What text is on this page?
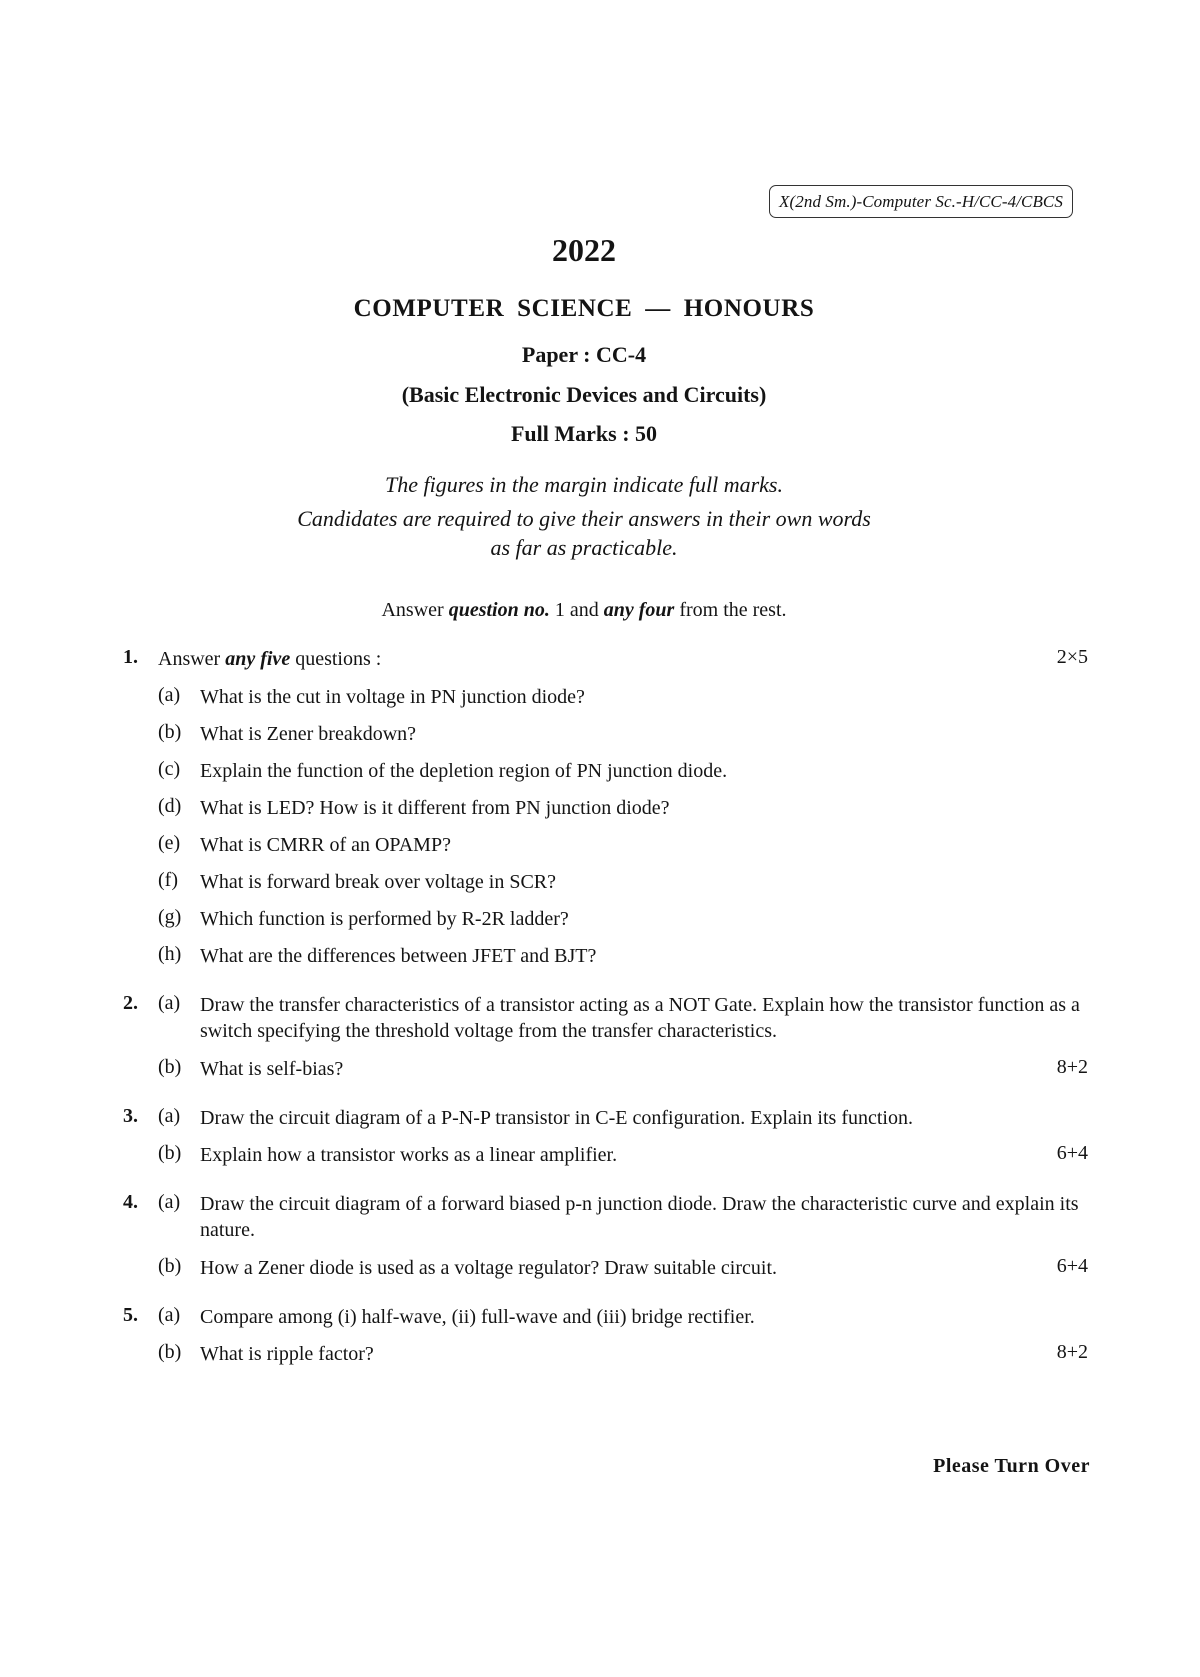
X(2nd Sm.)-Computer Sc.-H/CC-4/CBCS
2022
COMPUTER SCIENCE — HONOURS
Paper : CC-4
(Basic Electronic Devices and Circuits)
Full Marks : 50
The figures in the margin indicate full marks.
Candidates are required to give their answers in their own words
as far as practicable.
Answer question no. 1 and any four from the rest.
1. Answer any five questions :	2×5
(a) What is the cut in voltage in PN junction diode?
(b) What is Zener breakdown?
(c) Explain the function of the depletion region of PN junction diode.
(d) What is LED? How is it different from PN junction diode?
(e) What is CMRR of an OPAMP?
(f) What is forward break over voltage in SCR?
(g) Which function is performed by R-2R ladder?
(h) What are the differences between JFET and BJT?
2. (a) Draw the transfer characteristics of a transistor acting as a NOT Gate. Explain how the transistor function as a switch specifying the threshold voltage from the transfer characteristics.
(b) What is self-bias?	8+2
3. (a) Draw the circuit diagram of a P-N-P transistor in C-E configuration. Explain its function.
(b) Explain how a transistor works as a linear amplifier.	6+4
4. (a) Draw the circuit diagram of a forward biased p-n junction diode. Draw the characteristic curve and explain its nature.
(b) How a Zener diode is used as a voltage regulator? Draw suitable circuit.	6+4
5. (a) Compare among (i) half-wave, (ii) full-wave and (iii) bridge rectifier.
(b) What is ripple factor?	8+2
Please Turn Over
